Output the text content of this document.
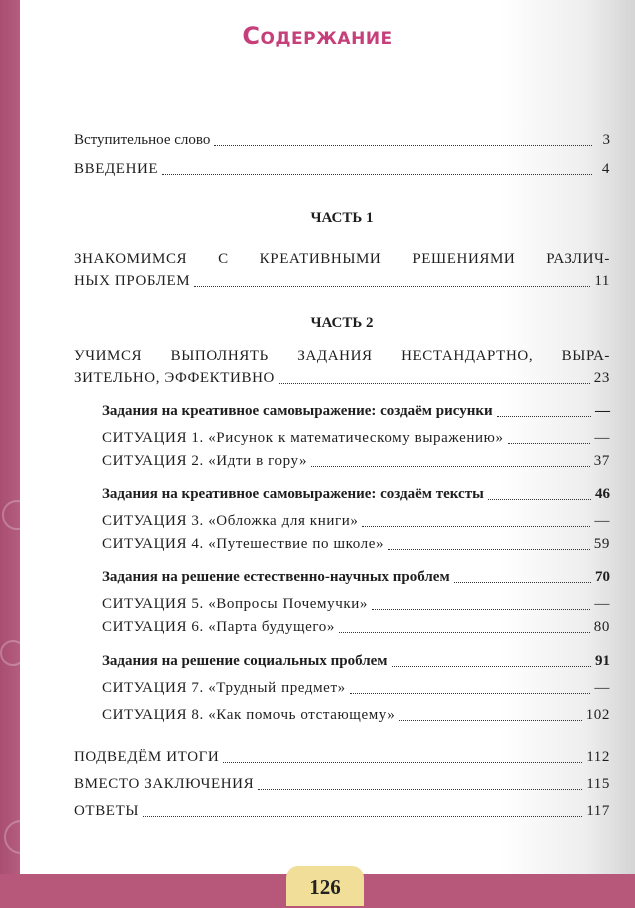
126
Содержание
Вступительное слово	3
ВВЕДЕНИЕ	4
ЧАСТЬ 1
ЗНАКОМИМСЯ С КРЕАТИВНЫМИ РЕШЕНИЯМИ РАЗЛИЧ-
НЫХ ПРОБЛЕМ	11
ЧАСТЬ 2
УЧИМСЯ ВЫПОЛНЯТЬ ЗАДАНИЯ НЕСТАНДАРТНО, ВЫРА-
ЗИТЕЛЬНО, ЭФФЕКТИВНО	23
Задания на креативное самовыражение: создаём рисунки	—
СИТУАЦИЯ 1. «Рисунок к математическому выражению»	—
СИТУАЦИЯ 2. «Идти в гору»	37
Задания на креативное самовыражение: создаём тексты	46
СИТУАЦИЯ 3. «Обложка для книги»	—
СИТУАЦИЯ 4. «Путешествие по школе»	59
Задания на решение естественно-научных проблем	70
СИТУАЦИЯ 5. «Вопросы Почемучки»	—
СИТУАЦИЯ 6. «Парта будущего»	80
Задания на решение социальных проблем	91
СИТУАЦИЯ 7. «Трудный предмет»	—
СИТУАЦИЯ 8. «Как помочь отстающему»	102
ПОДВЕДЁМ ИТОГИ	112
ВМЕСТО ЗАКЛЮЧЕНИЯ	115
ОТВЕТЫ	117
